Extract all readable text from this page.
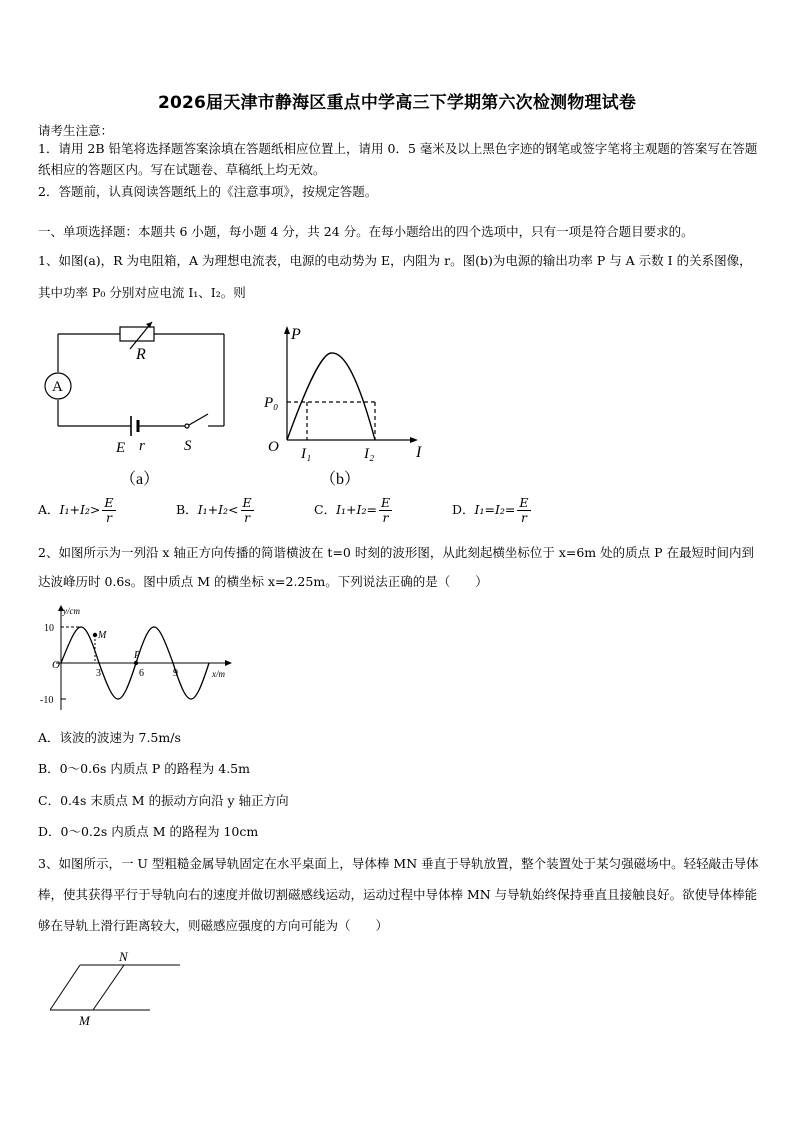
2026届天津市静海区重点中学高三下学期第六次检测物理试卷
请考生注意：
1．请用 2B 铅笔将选择题答案涂填在答题纸相应位置上，请用 0．5 毫米及以上黑色字迹的钢笔或签字笔将主观题的答案写在答题纸相应的答题区内。写在试题卷、草稿纸上均无效。
2．答题前，认真阅读答题纸上的《注意事项》，按规定答题。
一、单项选择题：本题共 6 小题，每小题 4 分，共 24 分。在每小题给出的四个选项中，只有一项是符合题目要求的。
1、如图(a)，R 为电阻箱，A 为理想电流表，电源的电动势为 E，内阻为 r。图(b)为电源的输出功率 P 与 A 示数 I 的关系图像，其中功率 P₀ 分别对应电流 I₁、I₂。则
A
R
E r	S
（a）
P
P₀
O I₁	I₂	I
（b）
A．$I_1+I_2> \frac{E}{r}$	B．$I_1+I_2< \frac{E}{r}$	C．$I_1+I_2= \frac{E}{r}$	D．$I_1=I_2= \frac{E}{r}$
2、如图所示为一列沿 x 轴正方向传播的简谐横波在 t=0 时刻的波形图，从此刻起横坐标位于 x=6m 处的质点 P 在最短时间内到达波峰历时 0.6s。图中质点 M 的横坐标 x=2.25m。下列说法正确的是（　　）
y/cm
10
-10
O
3	6	9
M
P
x/m
A．该波的波速为 7.5m/s
B．0～0.6s 内质点 P 的路程为 4.5m
C．0.4s 末质点 M 的振动方向沿 y 轴正方向
D．0～0.2s 内质点 M 的路程为 10cm
3、如图所示，一 U 型粗糙金属导轨固定在水平桌面上，导体棒 MN 垂直于导轨放置，整个装置处于某匀强磁场中。轻轻敲击导体棒，使其获得平行于导轨向右的速度并做切割磁感线运动，运动过程中导体棒 MN 与导轨始终保持垂直且接触良好。欲使导体棒能够在导轨上滑行距离较大，则磁感应强度的方向可能为（　　）
N
M
